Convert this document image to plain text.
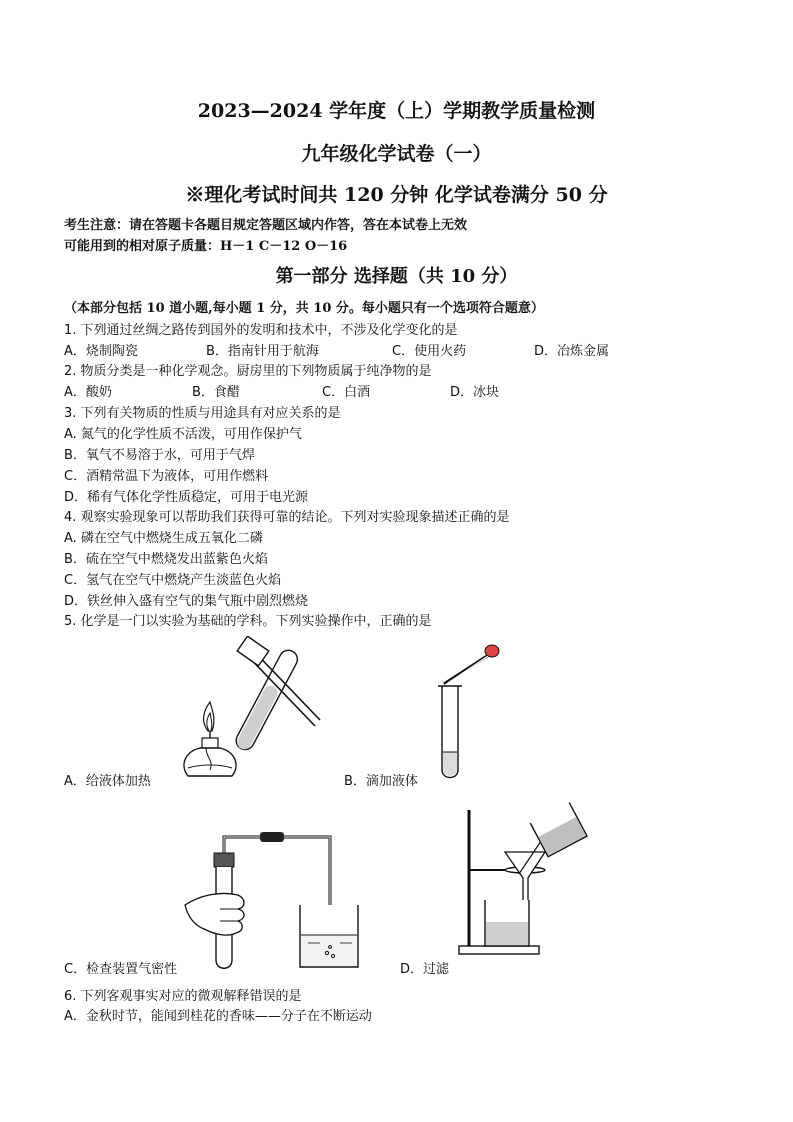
2023—2024 学年度（上）学期教学质量检测
九年级化学试卷（一）
※理化考试时间共 120 分钟 化学试卷满分 50 分
考生注意：请在答题卡各题目规定答题区域内作答，答在本试卷上无效
可能用到的相对原子质量：H－1 C－12 O－16
第一部分 选择题（共 10 分）
（本部分包括 10 道小题,每小题 1 分，共 10 分。每小题只有一个选项符合题意）
1. 下列通过丝绸之路传到国外的发明和技术中，不涉及化学变化的是
A．烧制陶瓷	B．指南针用于航海	C．使用火药	D．冶炼金属
2. 物质分类是一种化学观念。厨房里的下列物质属于纯净物的是
A．酸奶	B．食醋	C．白酒	D．冰块
3. 下列有关物质的性质与用途具有对应关系的是
A. 氮气的化学性质不活泼，可用作保护气
B．氧气不易溶于水，可用于气焊
C．酒精常温下为液体，可用作燃料
D．稀有气体化学性质稳定，可用于电光源
4. 观察实验现象可以帮助我们获得可靠的结论。下列对实验现象描述正确的是
A. 磷在空气中燃烧生成五氧化二磷
B．硫在空气中燃烧发出蓝紫色火焰
C．氢气在空气中燃烧产生淡蓝色火焰
D．铁丝伸入盛有空气的集气瓶中剧烈燃烧
5. 化学是一门以实验为基础的学科。下列实验操作中，正确的是
A．给液体加热	B．滴加液体
C．检查装置气密性	D．过滤
6. 下列客观事实对应的微观解释错误的是
A．金秋时节，能闻到桂花的香味——分子在不断运动
